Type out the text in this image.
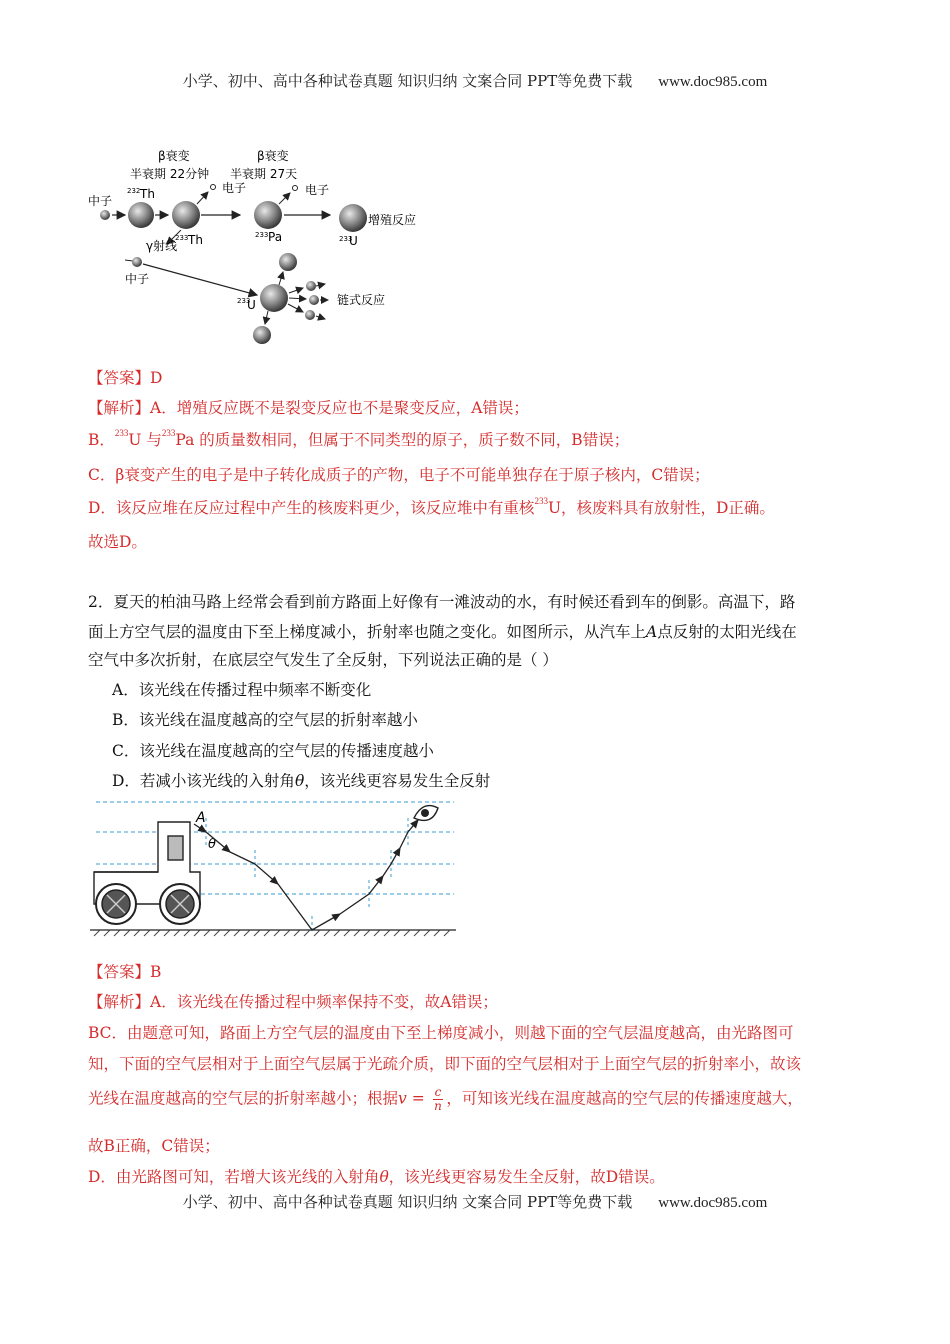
小学、初中、高中各种试卷真题 知识归纳 文案合同 PPT等免费下载 www.doc985.com
β衰变
半衰期 22分钟
β衰变
半衰期 27天
中子
232 Th
233 Th
电子
233 Pa
电子
增殖反应
233
U
γ射线
中子
233
U	链式反应
【答案】D
【解析】A．增殖反应既不是裂变反应也不是聚变反应，A错误；
B．$^{233}$U 与$^{233}$Pa 的质量数相同，但属于不同类型的原子，质子数不同，B错误；
C．β衰变产生的电子是中子转化成质子的产物，电子不可能单独存在于原子核内，C错误；
D．该反应堆在反应过程中产生的核废料更少，该反应堆中有重核$^{233}$U，核废料具有放射性，D正确。
故选D。
2．夏天的柏油马路上经常会看到前方路面上好像有一滩波动的水，有时候还看到车的倒影。高温下，路
面上方空气层的温度由下至上梯度减小，折射率也随之变化。如图所示，从汽车上A点反射的太阳光线在
空气中多次折射，在底层空气发生了全反射，下列说法正确的是（ ）
A．该光线在传播过程中频率不断变化
B．该光线在温度越高的空气层的折射率越小
C．该光线在温度越高的空气层的传播速度越小
D．若减小该光线的入射角θ，该光线更容易发生全反射
A
θ
【答案】B
【解析】A．该光线在传播过程中频率保持不变，故A错误；
BC．由题意可知，路面上方空气层的温度由下至上梯度减小，则越下面的空气层温度越高，由光路图可
知，下面的空气层相对于上面空气层属于光疏介质，即下面的空气层相对于上面空气层的折射率小，故该
光线在温度越高的空气层的折射率越小；根据$v = \frac{c}{n}$ ，可知该光线在温度越高的空气层的传播速度越大，
故B正确，C错误；
D．由光路图可知，若增大该光线的入射角θ，该光线更容易发生全反射，故D错误。
小学、初中、高中各种试卷真题 知识归纳 文案合同 PPT等免费下载 www.doc985.com
